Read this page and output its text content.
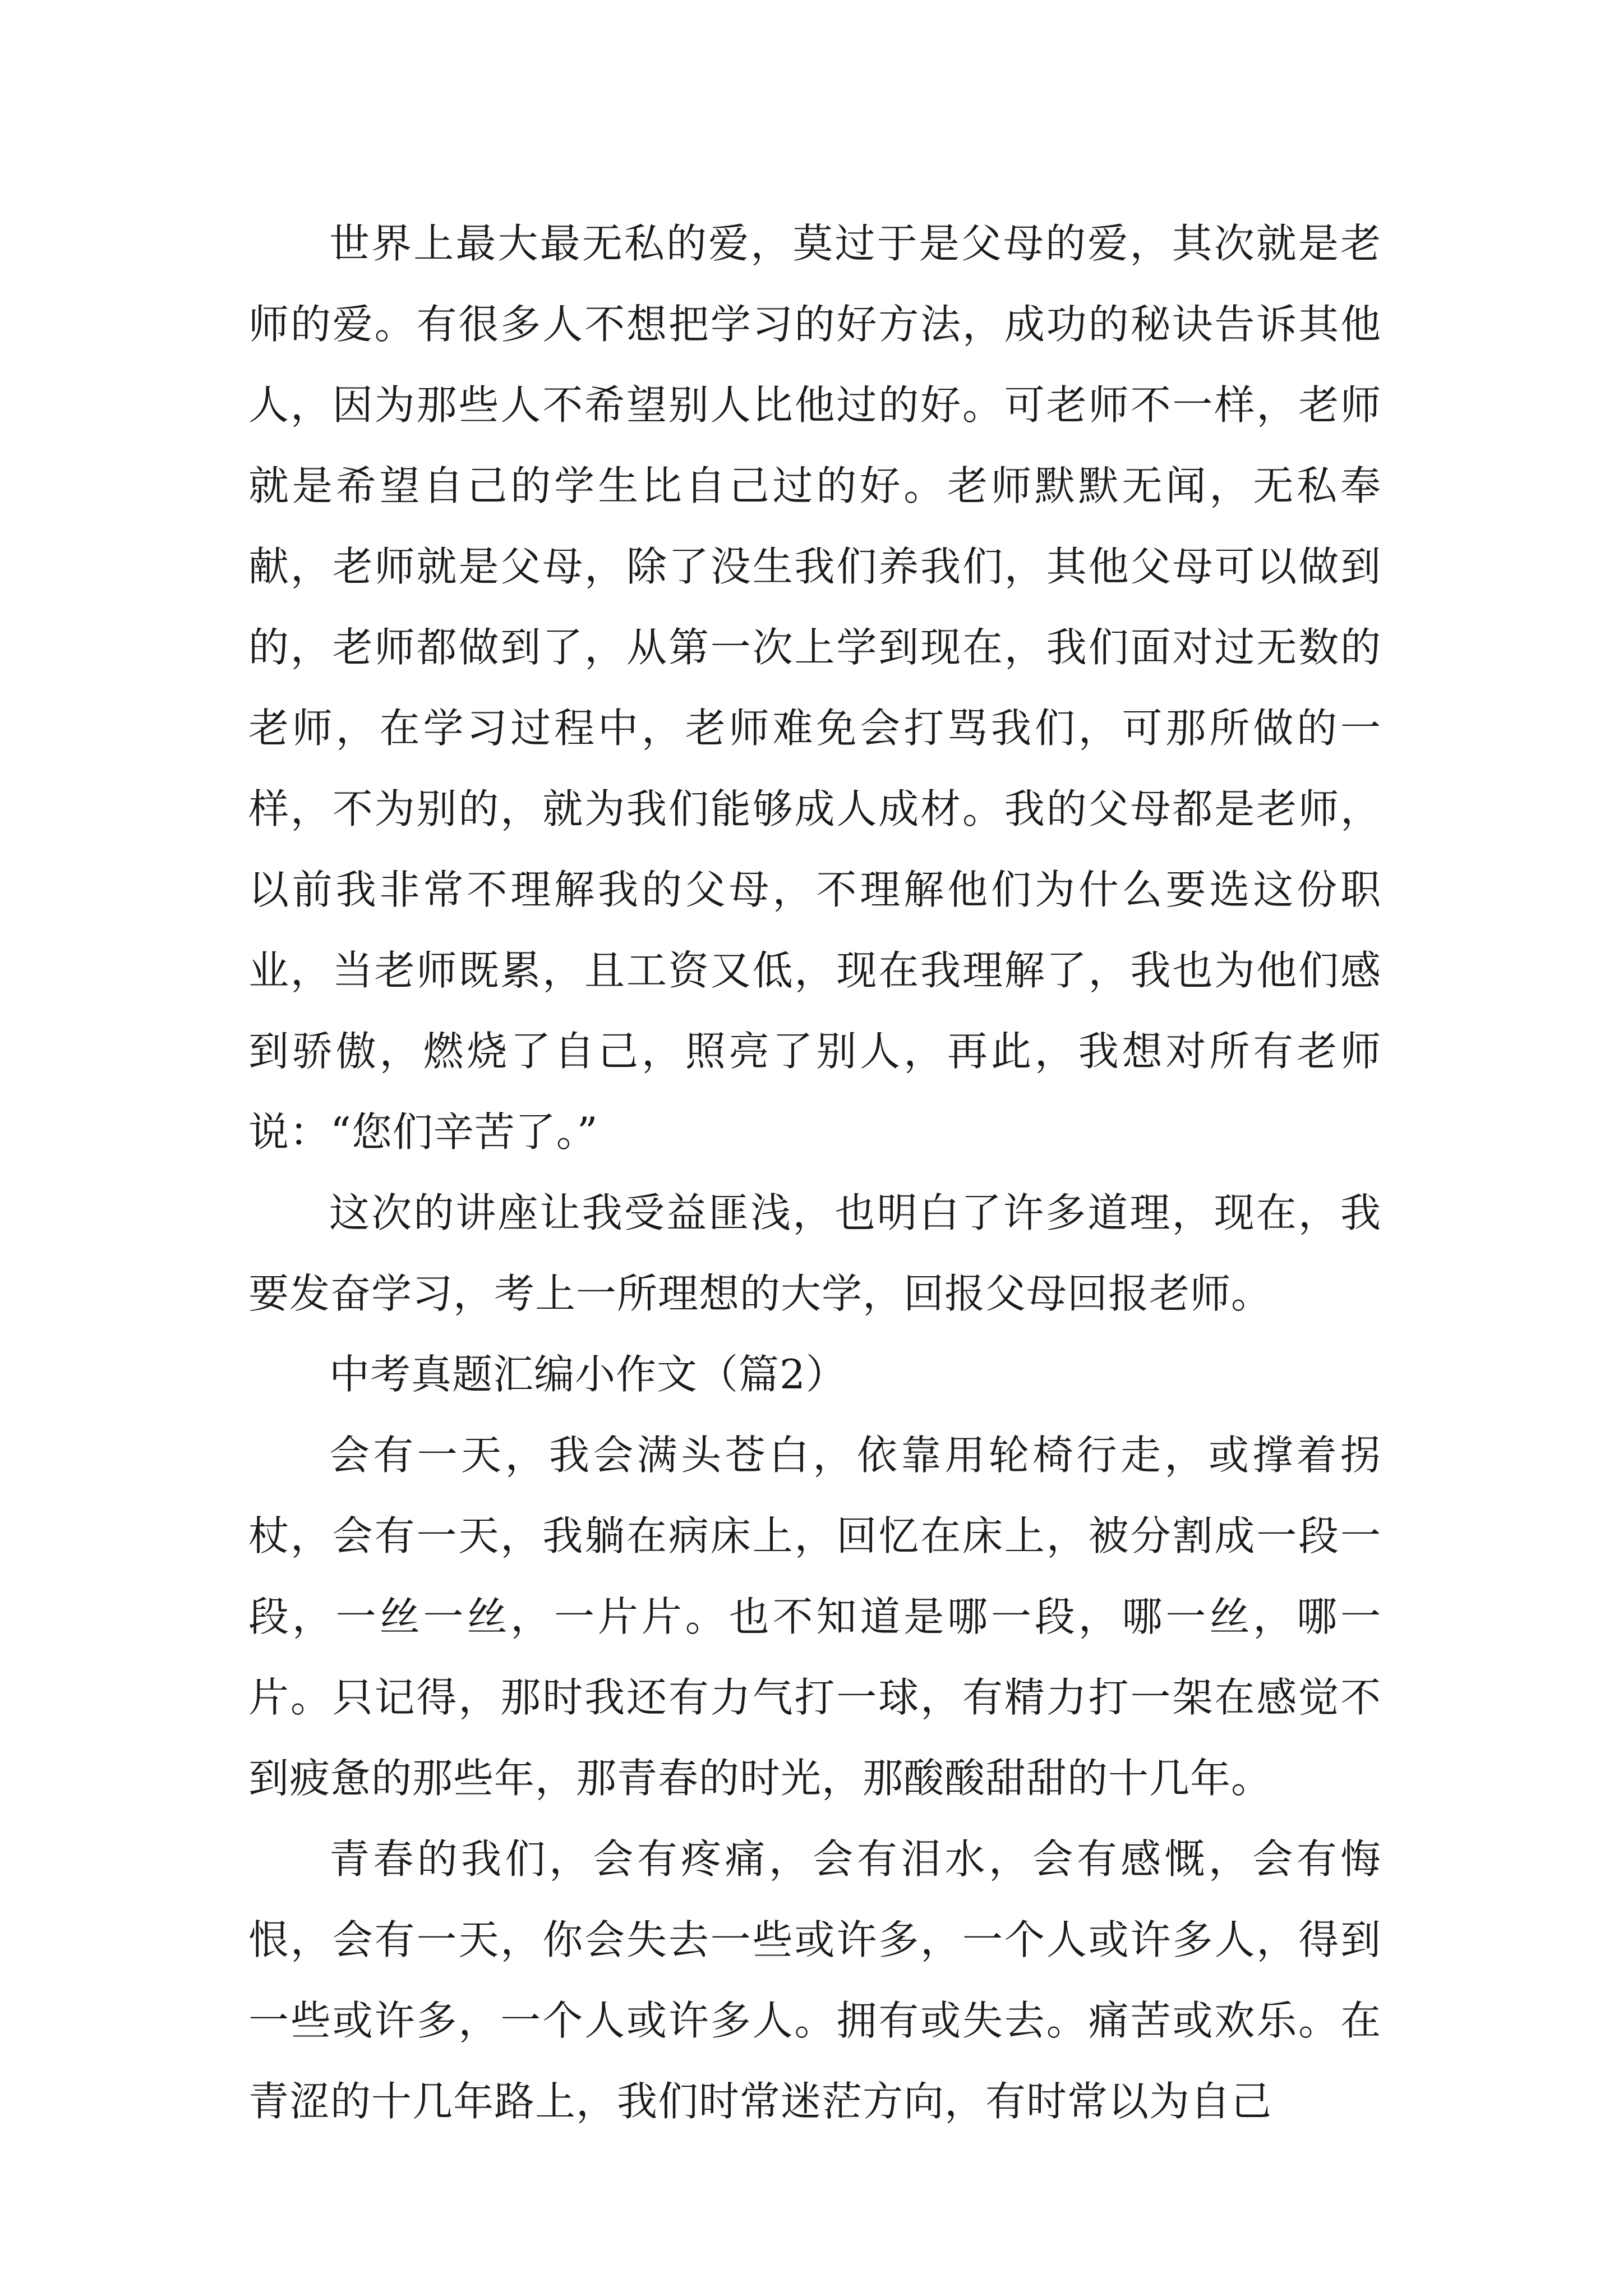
世界上最大最无私的爱，莫过于是父母的爱，其次就是老师的爱。有很多人不想把学习的好方法，成功的秘诀告诉其他人，因为那些人不希望别人比他过的好。可老师不一样，老师就是希望自己的学生比自己过的好。老师默默无闻，无私奉献，老师就是父母，除了没生我们养我们，其他父母可以做到的，老师都做到了，从第一次上学到现在，我们面对过无数的老师，在学习过程中，老师难免会打骂我们，可那所做的一样，不为别的，就为我们能够成人成材。我的父母都是老师，以前我非常不理解我的父母，不理解他们为什么要选这份职业，当老师既累，且工资又低，现在我理解了，我也为他们感到骄傲，燃烧了自己，照亮了别人，再此，我想对所有老师说：“您们辛苦了。”

这次的讲座让我受益匪浅，也明白了许多道理，现在，我要发奋学习，考上一所理想的大学，回报父母回报老师。

中考真题汇编小作文（篇2）

会有一天，我会满头苍白，依靠用轮椅行走，或撑着拐杖，会有一天，我躺在病床上，回忆在床上，被分割成一段一段，一丝一丝，一片片。也不知道是哪一段，哪一丝，哪一片。只记得，那时我还有力气打一球，有精力打一架在感觉不到疲惫的那些年，那青春的时光，那酸酸甜甜的十几年。

青春的我们，会有疼痛，会有泪水，会有感慨，会有悔恨，会有一天，你会失去一些或许多，一个人或许多人，得到一些或许多，一个人或许多人。拥有或失去。痛苦或欢乐。在青涩的十几年路上，我们时常迷茫方向，有时常以为自己
